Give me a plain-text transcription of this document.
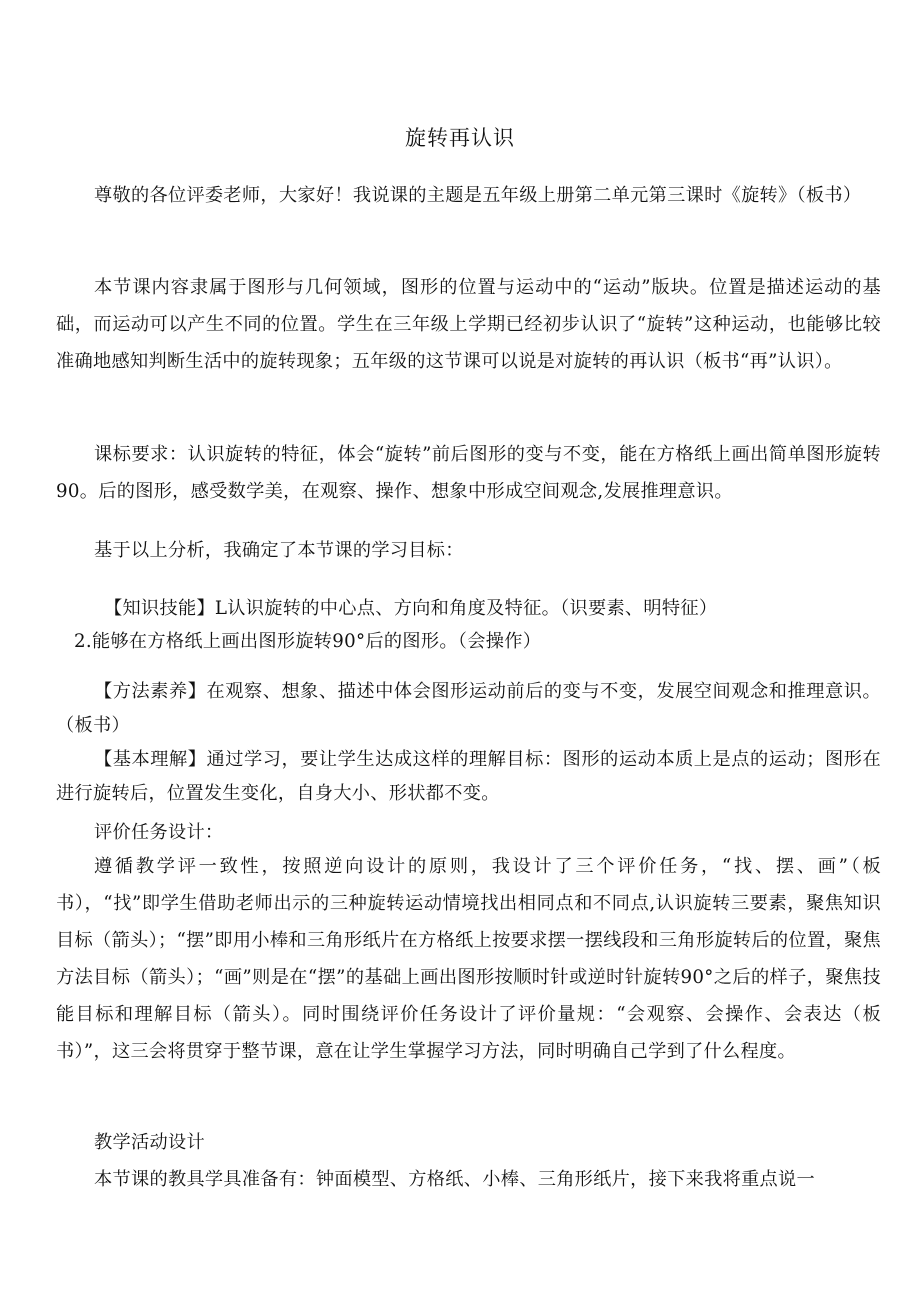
旋转再认识
尊敬的各位评委老师，大家好！我说课的主题是五年级上册第二单元第三课时《旋转》（板书）
本节课内容隶属于图形与几何领域，图形的位置与运动中的“运动”版块。位置是描述运动的基础，而运动可以产生不同的位置。学生在三年级上学期已经初步认识了“旋转”这种运动，也能够比较准确地感知判断生活中的旋转现象；五年级的这节课可以说是对旋转的再认识（板书“再”认识）。
课标要求：认识旋转的特征，体会“旋转”前后图形的变与不变，能在方格纸上画出简单图形旋转90。后的图形，感受数学美，在观察、操作、想象中形成空间观念,发展推理意识。
基于以上分析，我确定了本节课的学习目标：
【知识技能】L认识旋转的中心点、方向和角度及特征。（识要素、明特征）
2.能够在方格纸上画出图形旋转90°后的图形。（会操作）
【方法素养】在观察、想象、描述中体会图形运动前后的变与不变，发展空间观念和推理意识。（板书）
【基本理解】通过学习，要让学生达成这样的理解目标：图形的运动本质上是点的运动；图形在进行旋转后，位置发生变化，自身大小、形状都不变。
评价任务设计：
遵循教学评一致性，按照逆向设计的原则，我设计了三个评价任务，“找、摆、画”（板书），“找”即学生借助老师出示的三种旋转运动情境找出相同点和不同点,认识旋转三要素，聚焦知识目标（箭头）；“摆”即用小棒和三角形纸片在方格纸上按要求摆一摆线段和三角形旋转后的位置，聚焦方法目标（箭头）；“画”则是在“摆”的基础上画出图形按顺时针或逆时针旋转90°之后的样子，聚焦技能目标和理解目标（箭头）。同时围绕评价任务设计了评价量规：“会观察、会操作、会表达（板书）”，这三会将贯穿于整节课，意在让学生掌握学习方法，同时明确自己学到了什么程度。
教学活动设计
本节课的教具学具准备有：钟面模型、方格纸、小棒、三角形纸片，接下来我将重点说一
